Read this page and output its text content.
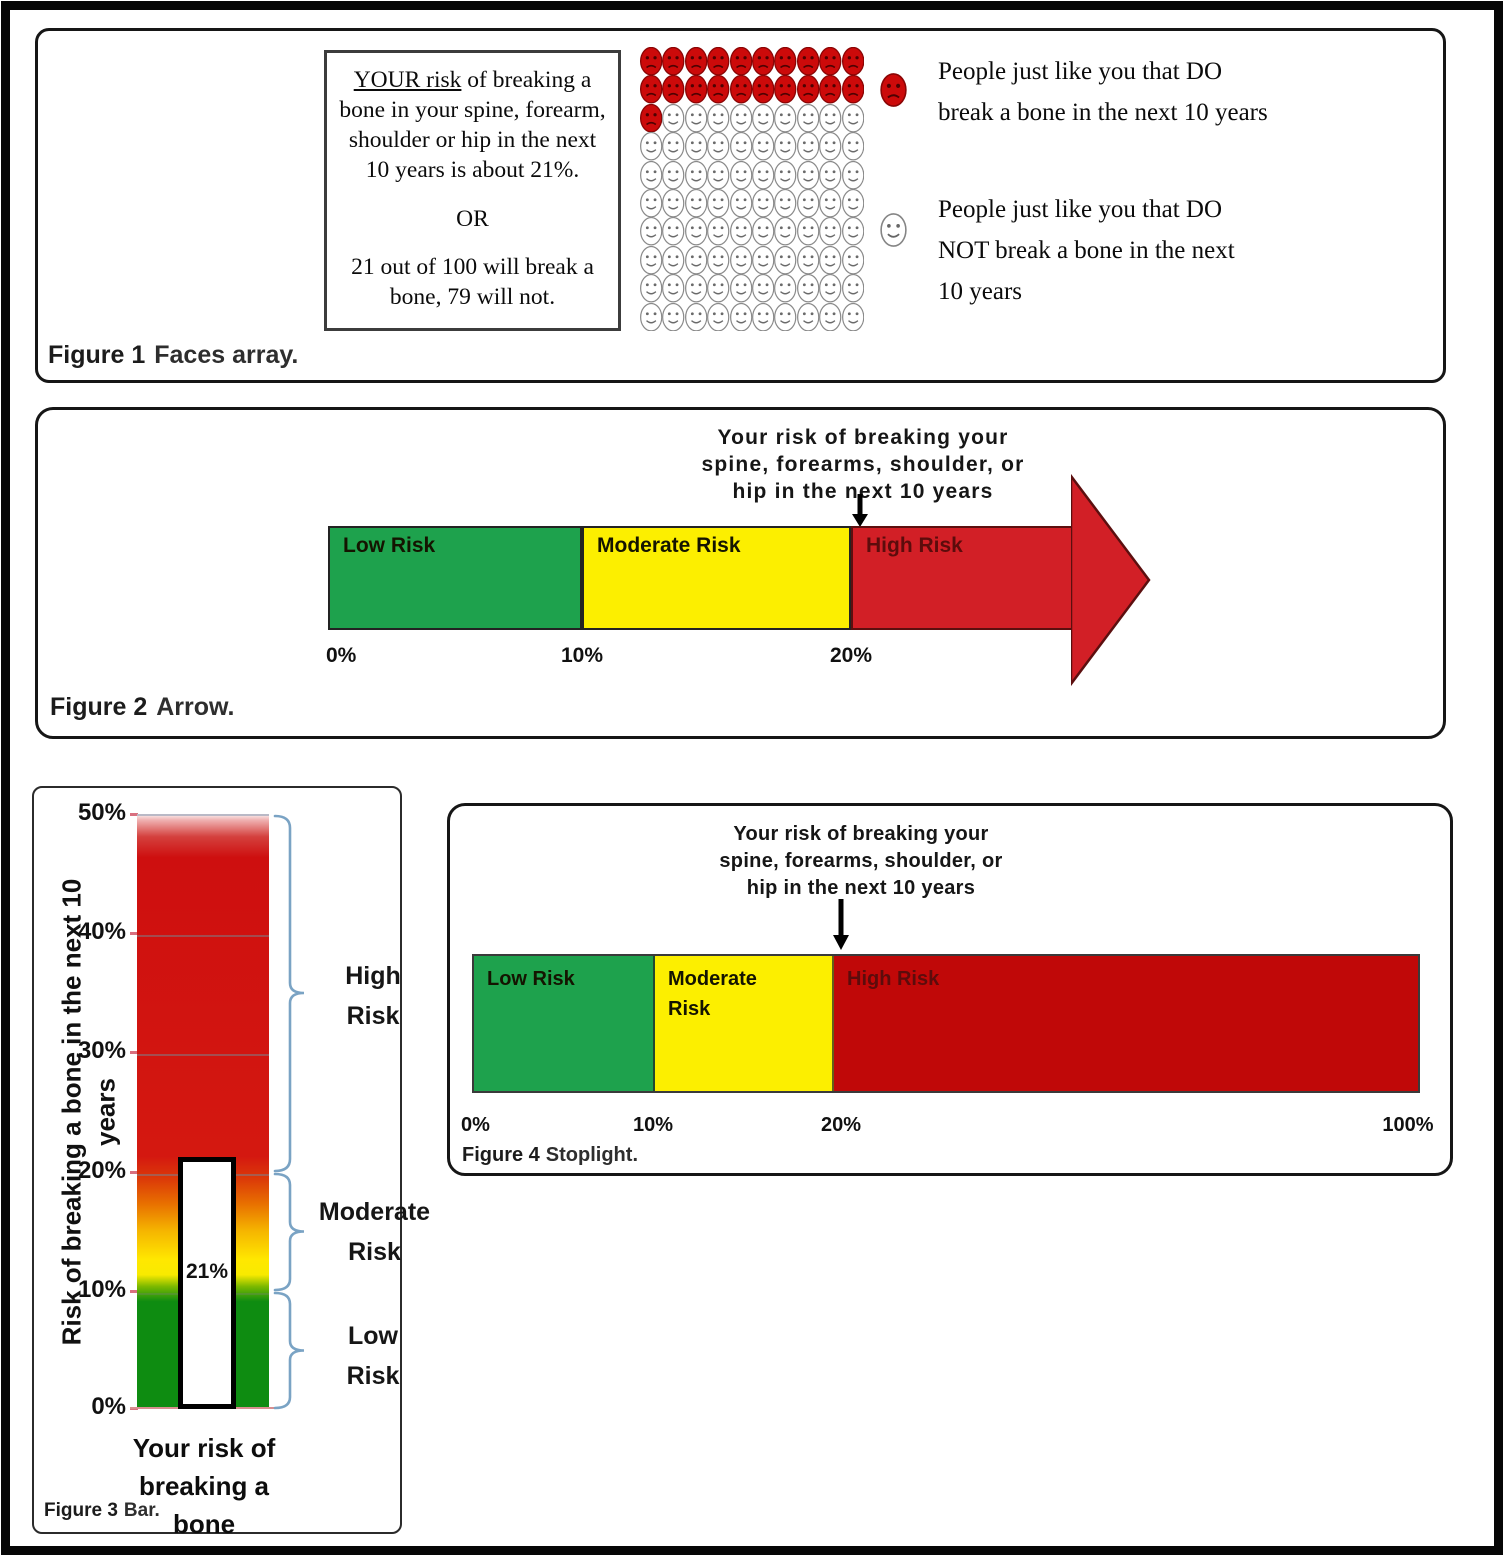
YOUR risk of breaking a
bone in your spine, forearm,
shoulder or hip in the next
10 years is about 21%.

OR

21 out of 100 will break a
bone, 79 will not.

People just like you that DO break a bone in the next 10 years
People just like you that DO NOT break a bone in the next 10 years
Figure 1 Faces array.
Your risk of breaking your
spine, forearms, shoulder, or
hip in the next 10 years
Low Risk	Moderate Risk	High Risk
0%	10%	20%
Figure 2 Arrow.
Risk of breaking a bone in the next 10 years
50%
40%
30%
20%
10%
0%
21%
High
Risk
Moderate
Risk
Low
Risk
Your risk of
breaking a bone
Figure 3 Bar.
Your risk of breaking your
spine, forearms, shoulder, or
hip in the next 10 years
Low Risk	Moderate
Risk
High Risk
0%	10%	20%	100%
Figure 4 Stoplight.
